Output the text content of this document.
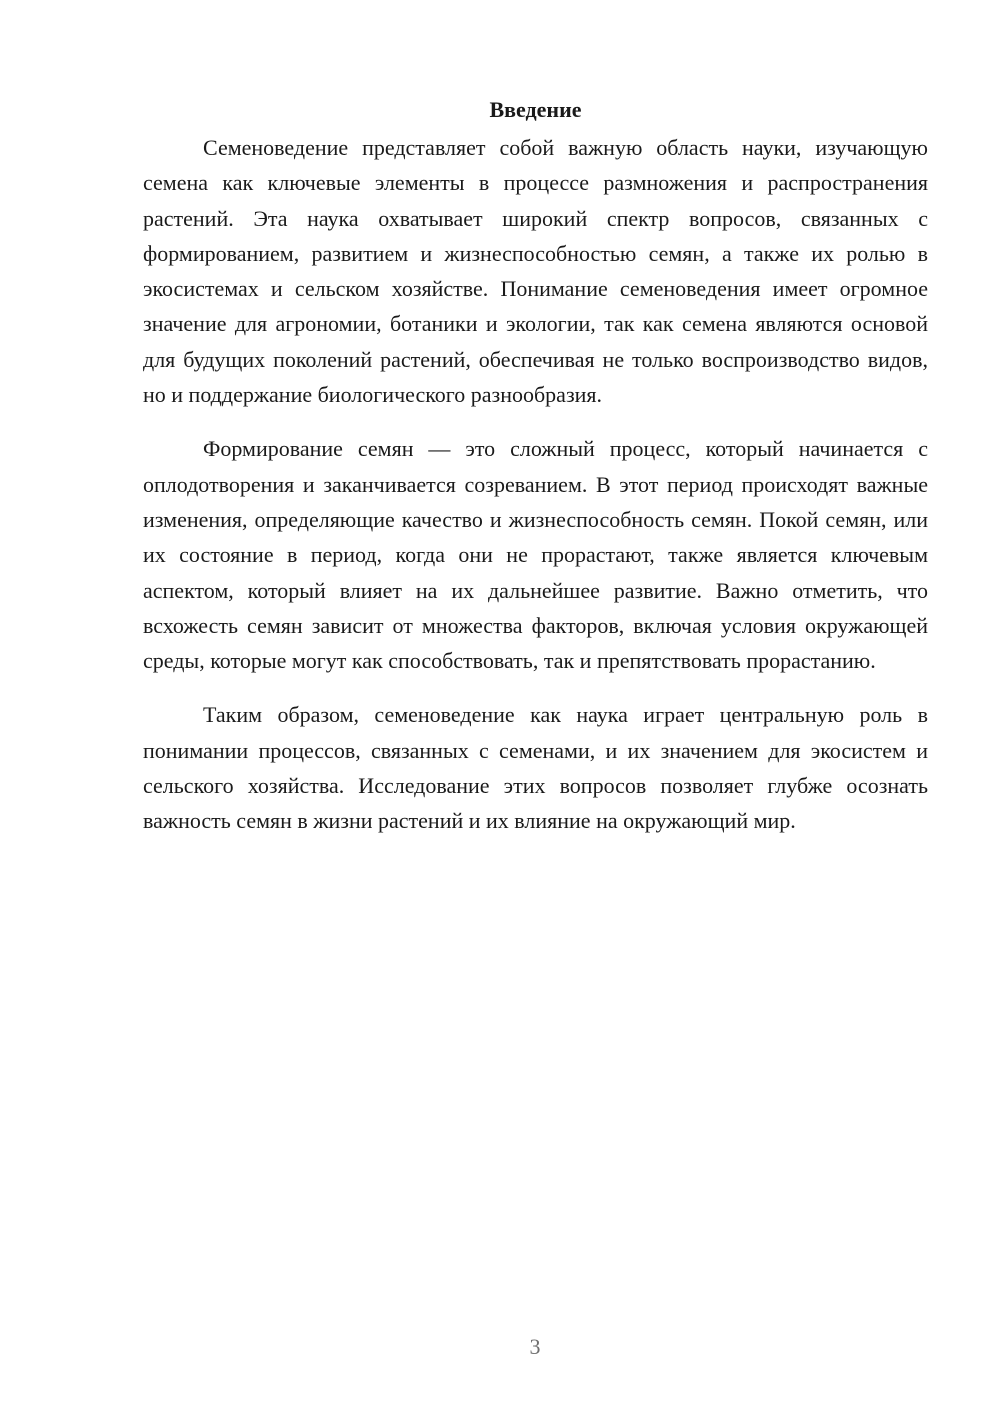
Введение

Семеноведение представляет собой важную область науки, изучающую семена как ключевые элементы в процессе размножения и распространения растений. Эта наука охватывает широкий спектр вопросов, связанных с формированием, развитием и жизнеспособностью семян, а также их ролью в экосистемах и сельском хозяйстве. Понимание семеноведения имеет огромное значение для агрономии, ботаники и экологии, так как семена являются основой для будущих поколений растений, обеспечивая не только воспроизводство видов, но и поддержание биологического разнообразия.

Формирование семян — это сложный процесс, который начинается с оплодотворения и заканчивается созреванием. В этот период происходят важные изменения, определяющие качество и жизнеспособность семян. Покой семян, или их состояние в период, когда они не прорастают, также является ключевым аспектом, который влияет на их дальнейшее развитие. Важно отметить, что всхожесть семян зависит от множества факторов, включая условия окружающей среды, которые могут как способствовать, так и препятствовать прорастанию.

Таким образом, семеноведение как наука играет центральную роль в понимании процессов, связанных с семенами, и их значением для экосистем и сельского хозяйства. Исследование этих вопросов позволяет глубже осознать важность семян в жизни растений и их влияние на окружающий мир.

3
